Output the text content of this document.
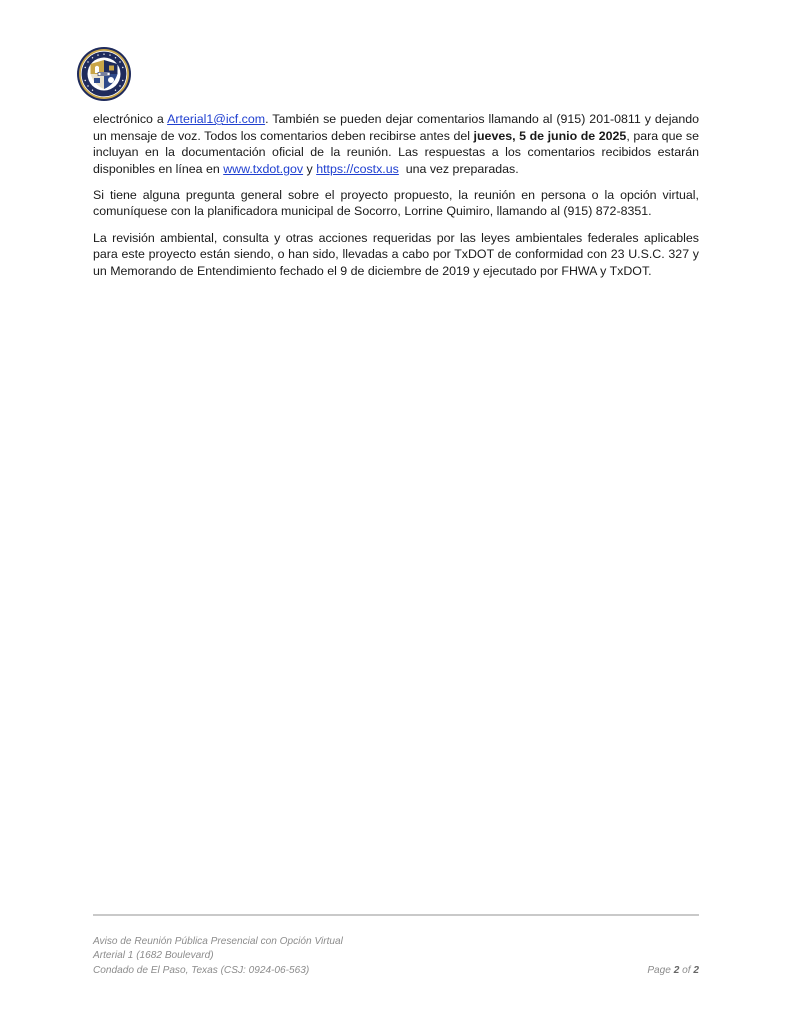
electrónico a Arterial1@icf.com. También se pueden dejar comentarios llamando al (915) 201-0811 y dejando un mensaje de voz. Todos los comentarios deben recibirse antes del jueves, 5 de junio de 2025, para que se incluyan en la documentación oficial de la reunión. Las respuestas a los comentarios recibidos estarán disponibles en línea en www.txdot.gov y https://costx.us  una vez preparadas.

Si tiene alguna pregunta general sobre el proyecto propuesto, la reunión en persona o la opción virtual, comuníquese con la planificadora municipal de Socorro, Lorrine Quimiro, llamando al (915) 872-8351.

La revisión ambiental, consulta y otras acciones requeridas por las leyes ambientales federales aplicables para este proyecto están siendo, o han sido, llevadas a cabo por TxDOT de conformidad con 23 U.S.C. 327 y un Memorando de Entendimiento fechado el 9 de diciembre de 2019 y ejecutado por FHWA y TxDOT.

Aviso de Reunión Pública Presencial con Opción Virtual
Arterial 1 (1682 Boulevard)
Condado de El Paso, Texas (CSJ: 0924-06-563)	Page 2 of 2
